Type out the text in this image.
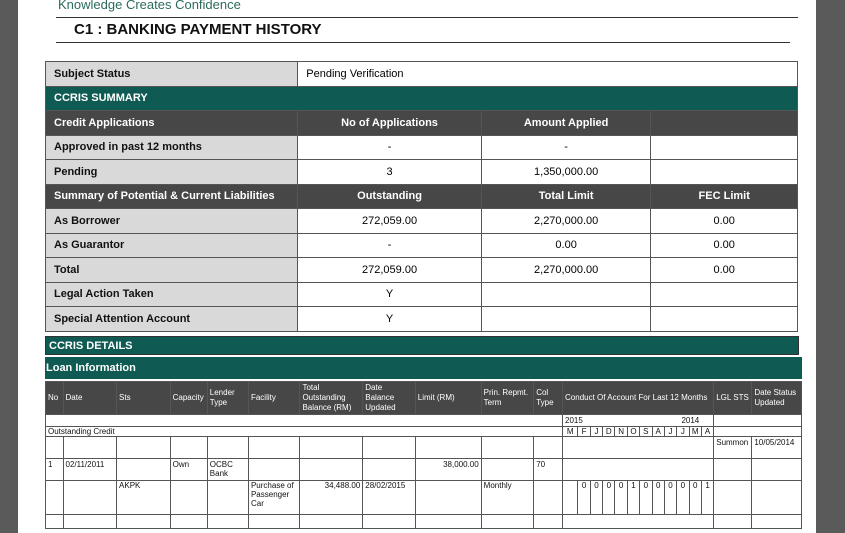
Knowledge Creates Confidence
C1 : BANKING PAYMENT HISTORY
Subject Status	Pending Verification		
CCRIS SUMMARY			
Credit Applications	No of Applications	Amount Applied	
Approved in past 12 months	-	-	
Pending	3	1,350,000.00	
Summary of Potential & Current Liabilities	Outstanding	Total Limit	FEC Limit
As Borrower	272,059.00	2,270,000.00	0.00
As Guarantor	-	0.00	0.00
Total	272,059.00	2,270,000.00	0.00
Legal Action Taken	Y		
Special Attention Account	Y		
CCRIS DETAILS
Loan Information
No	Date	Sts	Capacity	Lender Type	Facility	Total Outstanding Balance (RM)	Date Balance Updated	Limit (RM)	Prin. Repmt. Term	Col Type	Conduct Of Account For Last 12 Months												LGL STS	Date Status Updated
											2015						2014							
Outstanding Credit											M	F	J	D	N	O	S	A	J	J	M	A		
																							Summon	10/05/2014
1	02/11/2011		Own	OCBC Bank				38,000.00		70														
		AKPK			Purchase of Passenger Car	34,488.00	28/02/2015		Monthly			0	0	0	0	1	0	0	0	0	0	1		
